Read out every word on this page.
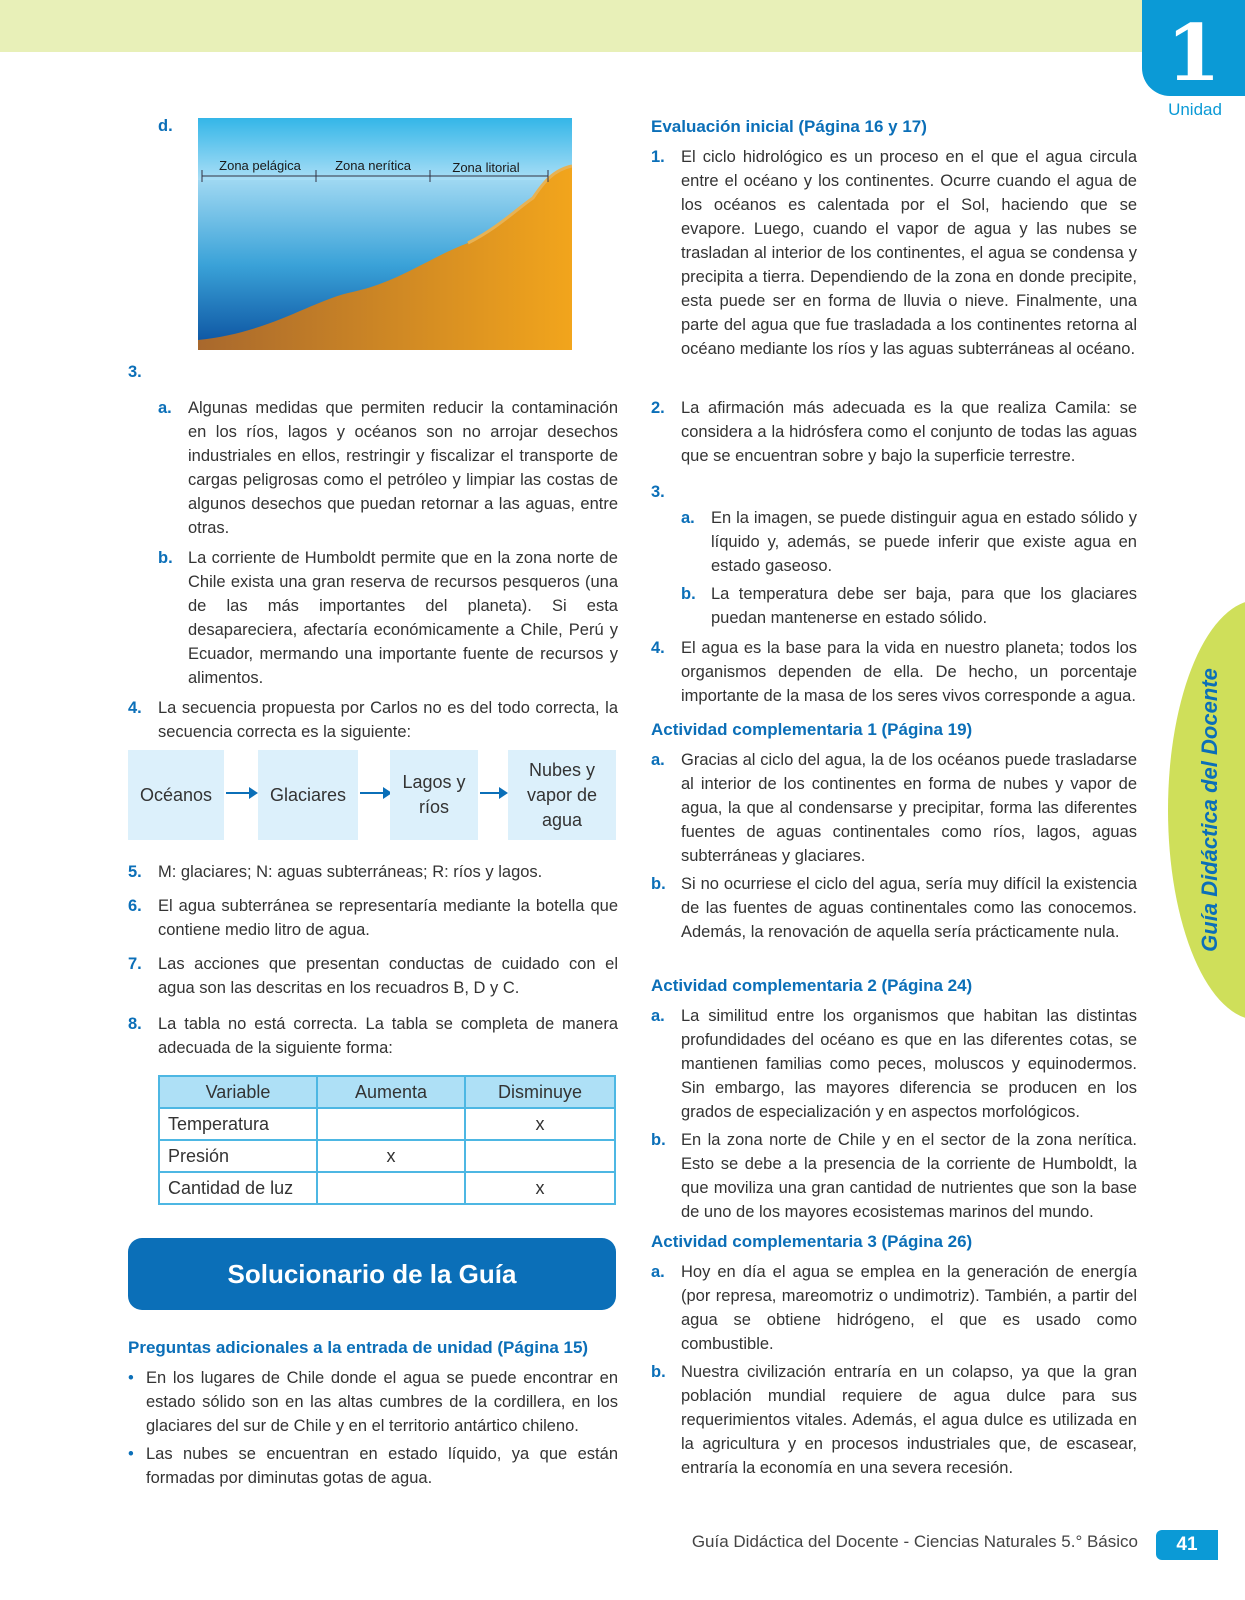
1
Unidad
Guía Didáctica del Docente
d.
Zona pelágica	Zona nerítica	Zona litorial
3.
a. Algunas medidas que permiten reducir la contaminación en los ríos, lagos y océanos son no arrojar desechos industriales en ellos, restringir y fiscalizar el transporte de cargas peligrosas como el petróleo y limpiar las costas de algunos desechos que puedan retornar a las aguas, entre otras.
b. La corriente de Humboldt permite que en la zona norte de Chile exista una gran reserva de recursos pesqueros (una de las más importantes del planeta). Si esta desapareciera, afectaría económicamente a Chile, Perú y Ecuador, mermando una importante fuente de recursos y alimentos.
4. La secuencia propuesta por Carlos no es del todo correcta, la secuencia correcta es la siguiente:
Océanos	Glaciares
Lagos y ríos
Nubes y vapor de agua
5. M: glaciares; N: aguas subterráneas; R: ríos y lagos.
6. El agua subterránea se representaría mediante la botella que contiene medio litro de agua.
7. Las acciones que presentan conductas de cuidado con el agua son las descritas en los recuadros B, D y C.
8. La tabla no está correcta. La tabla se completa de manera adecuada de la siguiente forma:
Variable	Aumenta	Disminuye
Temperatura		x
Presión	x	
Cantidad de luz		x
Solucionario de la Guía
Preguntas adicionales a la entrada de unidad (Página 15)
• En los lugares de Chile donde el agua se puede encontrar en estado sólido son en las altas cumbres de la cordillera, en los glaciares del sur de Chile y en el territorio antártico chileno.
• Las nubes se encuentran en estado líquido, ya que están formadas por diminutas gotas de agua.
Evaluación inicial (Página 16 y 17)
1. El ciclo hidrológico es un proceso en el que el agua circula entre el océano y los continentes. Ocurre cuando el agua de los océanos es calentada por el Sol, haciendo que se evapore. Luego, cuando el vapor de agua y las nubes se trasladan al interior de los continentes, el agua se condensa y precipita a tierra. Dependiendo de la zona en donde precipite, esta puede ser en forma de lluvia o nieve. Finalmente, una parte del agua que fue trasladada a los continentes retorna al océano mediante los ríos y las aguas subterráneas al océano.
2. La afirmación más adecuada es la que realiza Camila: se considera a la hidrósfera como el conjunto de todas las aguas que se encuentran sobre y bajo la superficie terrestre.
3.
a. En la imagen, se puede distinguir agua en estado sólido y líquido y, además, se puede inferir que existe agua en estado gaseoso.
b. La temperatura debe ser baja, para que los glaciares puedan mantenerse en estado sólido.
4. El agua es la base para la vida en nuestro planeta; todos los organismos dependen de ella. De hecho, un porcentaje importante de la masa de los seres vivos corresponde a agua.
Actividad complementaria 1 (Página 19)
a. Gracias al ciclo del agua, la de los océanos puede trasladarse al interior de los continentes en forma de nubes y vapor de agua, la que al condensarse y precipitar, forma las diferentes fuentes de aguas continentales como ríos, lagos, aguas subterráneas y glaciares.
b. Si no ocurriese el ciclo del agua, sería muy difícil la existencia de las fuentes de aguas continentales como las conocemos. Además, la renovación de aquella sería prácticamente nula.
Actividad complementaria 2 (Página 24)
a. La similitud entre los organismos que habitan las distintas profundidades del océano es que en las diferentes cotas, se mantienen familias como peces, moluscos y equinodermos. Sin embargo, las mayores diferencia se producen en los grados de especialización y en aspectos morfológicos.
b. En la zona norte de Chile y en el sector de la zona nerítica. Esto se debe a la presencia de la corriente de Humboldt, la que moviliza una gran cantidad de nutrientes que son la base de uno de los mayores ecosistemas marinos del mundo.
Actividad complementaria 3 (Página 26)
a. Hoy en día el agua se emplea en la generación de energía (por represa, mareomotriz o undimotriz). También, a partir del agua se obtiene hidrógeno, el que es usado como combustible.
b. Nuestra civilización entraría en un colapso, ya que la gran población mundial requiere de agua dulce para sus requerimientos vitales. Además, el agua dulce es utilizada en la agricultura y en procesos industriales que, de escasear, entraría la economía en una severa recesión.
Guía Didáctica del Docente - Ciencias Naturales 5.° Básico	41
